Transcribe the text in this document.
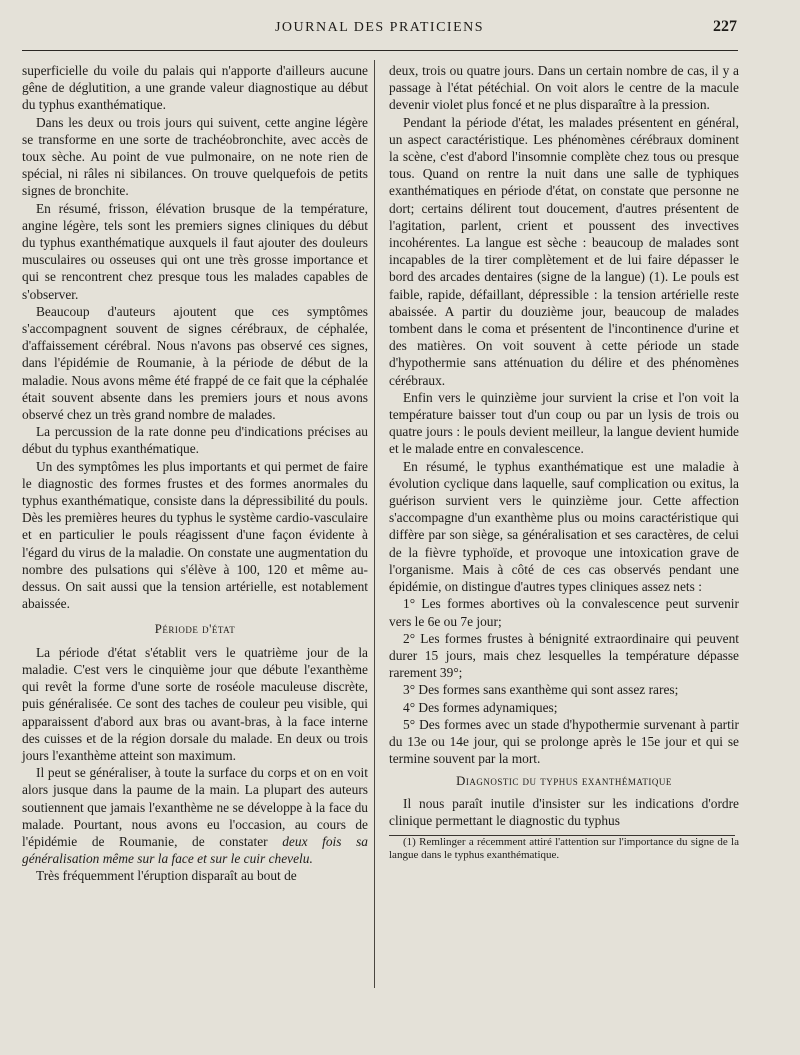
JOURNAL DES PRATICIENS	227

superficielle du voile du palais qui n'apporte d'ailleurs aucune gêne de déglutition, a une grande valeur diagnostique au début du typhus exanthématique.

Dans les deux ou trois jours qui suivent, cette angine légère se transforme en une sorte de trachéobronchite, avec accès de toux sèche. Au point de vue pulmonaire, on ne note rien de spécial, ni râles ni sibilances. On trouve quelquefois de petits signes de bronchite.

En résumé, frisson, élévation brusque de la température, angine légère, tels sont les premiers signes cliniques du début du typhus exanthématique auxquels il faut ajouter des douleurs musculaires ou osseuses qui ont une très grosse importance et qui se rencontrent chez presque tous les malades capables de s'observer.

Beaucoup d'auteurs ajoutent que ces symptômes s'accompagnent souvent de signes cérébraux, de céphalée, d'affaissement cérébral. Nous n'avons pas observé ces signes, dans l'épidémie de Roumanie, à la période de début de la maladie. Nous avons même été frappé de ce fait que la céphalée était souvent absente dans les premiers jours et nous avons observé chez un très grand nombre de malades.

La percussion de la rate donne peu d'indications précises au début du typhus exanthématique.

Un des symptômes les plus importants et qui permet de faire le diagnostic des formes frustes et des formes anormales du typhus exanthématique, consiste dans la dépressibilité du pouls. Dès les premières heures du typhus le système cardio-vasculaire et en particulier le pouls réagissent d'une façon évidente à l'égard du virus de la maladie. On constate une augmentation du nombre des pulsations qui s'élève à 100, 120 et même au-dessus. On sait aussi que la tension artérielle, est notablement abaissée.

Période d'état

La période d'état s'établit vers le quatrième jour de la maladie. C'est vers le cinquième jour que débute l'exanthème qui revêt la forme d'une sorte de roséole maculeuse discrète, puis généralisée. Ce sont des taches de couleur peu visible, qui apparaissent d'abord aux bras ou avant-bras, à la face interne des cuisses et de la région dorsale du malade. En deux ou trois jours l'exanthème atteint son maximum.

Il peut se généraliser, à toute la surface du corps et on en voit alors jusque dans la paume de la main. La plupart des auteurs soutiennent que jamais l'exanthème ne se développe à la face du malade. Pourtant, nous avons eu l'occasion, au cours de l'épidémie de Roumanie, de constater deux fois sa généralisation même sur la face et sur le cuir chevelu.

Très fréquemment l'éruption disparaît au bout de

deux, trois ou quatre jours. Dans un certain nombre de cas, il y a passage à l'état pétéchial. On voit alors le centre de la macule devenir violet plus foncé et ne plus disparaître à la pression.

Pendant la période d'état, les malades présentent en général, un aspect caractéristique. Les phénomènes cérébraux dominent la scène, c'est d'abord l'insomnie complète chez tous ou presque tous. Quand on rentre la nuit dans une salle de typhiques exanthématiques en période d'état, on constate que personne ne dort; certains délirent tout doucement, d'autres présentent de l'agitation, parlent, crient et poussent des invectives incohérentes. La langue est sèche : beaucoup de malades sont incapables de la tirer complètement et de lui faire dépasser le bord des arcades dentaires (signe de la langue) (1). Le pouls est faible, rapide, défaillant, dépressible : la tension artérielle reste abaissée. A partir du douzième jour, beaucoup de malades tombent dans le coma et présentent de l'incontinence d'urine et des matières. On voit souvent à cette période un stade d'hypothermie sans atténuation du délire et des phénomènes cérébraux.

Enfin vers le quinzième jour survient la crise et l'on voit la température baisser tout d'un coup ou par un lysis de trois ou quatre jours : le pouls devient meilleur, la langue devient humide et le malade entre en convalescence.

En résumé, le typhus exanthématique est une maladie à évolution cyclique dans laquelle, sauf complication ou exitus, la guérison survient vers le quinzième jour. Cette affection s'accompagne d'un exanthème plus ou moins caractéristique qui diffère par son siège, sa généralisation et ses caractères, de celui de la fièvre typhoïde, et provoque une intoxication grave de l'organisme. Mais à côté de ces cas observés pendant une épidémie, on distingue d'autres types cliniques assez nets :

1° Les formes abortives où la convalescence peut survenir vers le 6e ou 7e jour;

2° Les formes frustes à bénignité extraordinaire qui peuvent durer 15 jours, mais chez lesquelles la température dépasse rarement 39°;

3° Des formes sans exanthème qui sont assez rares;

4° Des formes adynamiques;

5° Des formes avec un stade d'hypothermie survenant à partir du 13e ou 14e jour, qui se prolonge après le 15e jour et qui se termine souvent par la mort.

Diagnostic du typhus exanthématique

Il nous paraît inutile d'insister sur les indications d'ordre clinique permettant le diagnostic du typhus

(1) Remlinger a récemment attiré l'attention sur l'importance du signe de la langue dans le typhus exanthématique.
